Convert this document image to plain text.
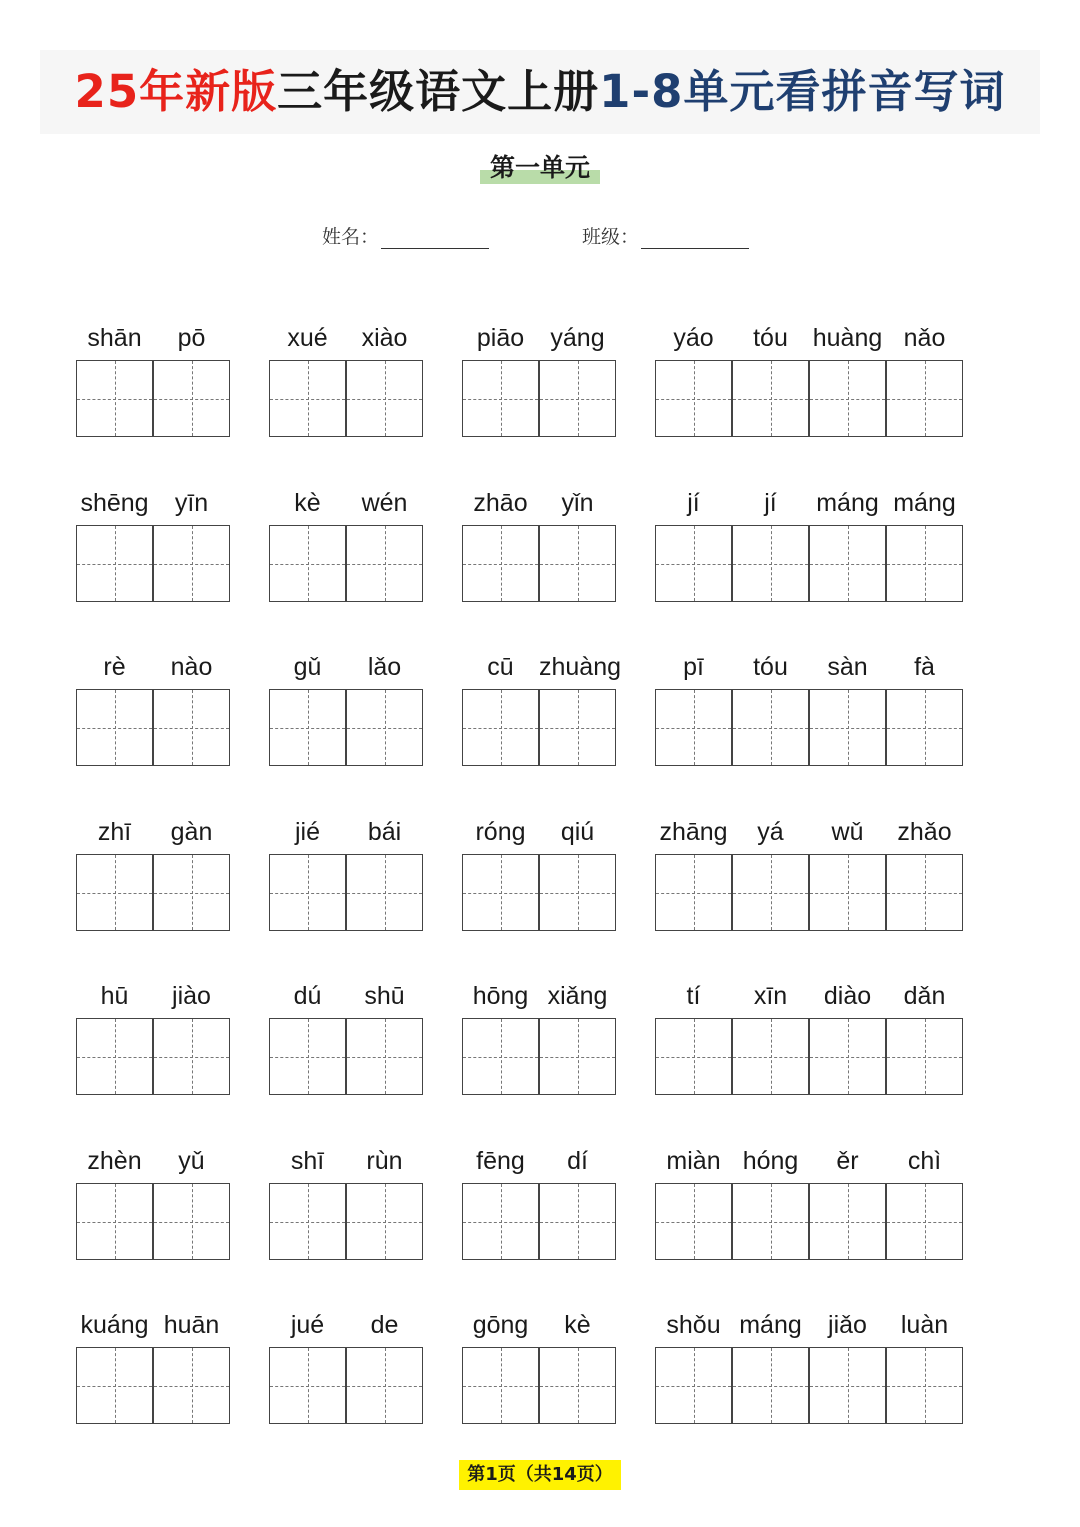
25年新版三年级语文上册1-8单元看拼音写词
第一单元
姓名：	班级：
shān	pō	xué	xiào	piāo	yáng	yáo	tóu huàng nǎo
shēng	yīn	kè	wén	zhāo	yǐn	jí	jí	máng máng
rè	nào	gǔ	lǎo	cū	zhuàng	pī	tóu	sàn	fà
zhī	gàn	jié	bái	róng	qiú	zhāng	yá	wǔ	zhǎo
hū	jiào	dú	shū	hōng xiǎng	tí	xīn	diào	dǎn
zhèn	yǔ	shī	rùn	fēng	dí	miàn hóng	ěr	chì
kuáng huān	jué	de	gōng	kè	shǒu máng	jiǎo	luàn
第1页（共14页）
